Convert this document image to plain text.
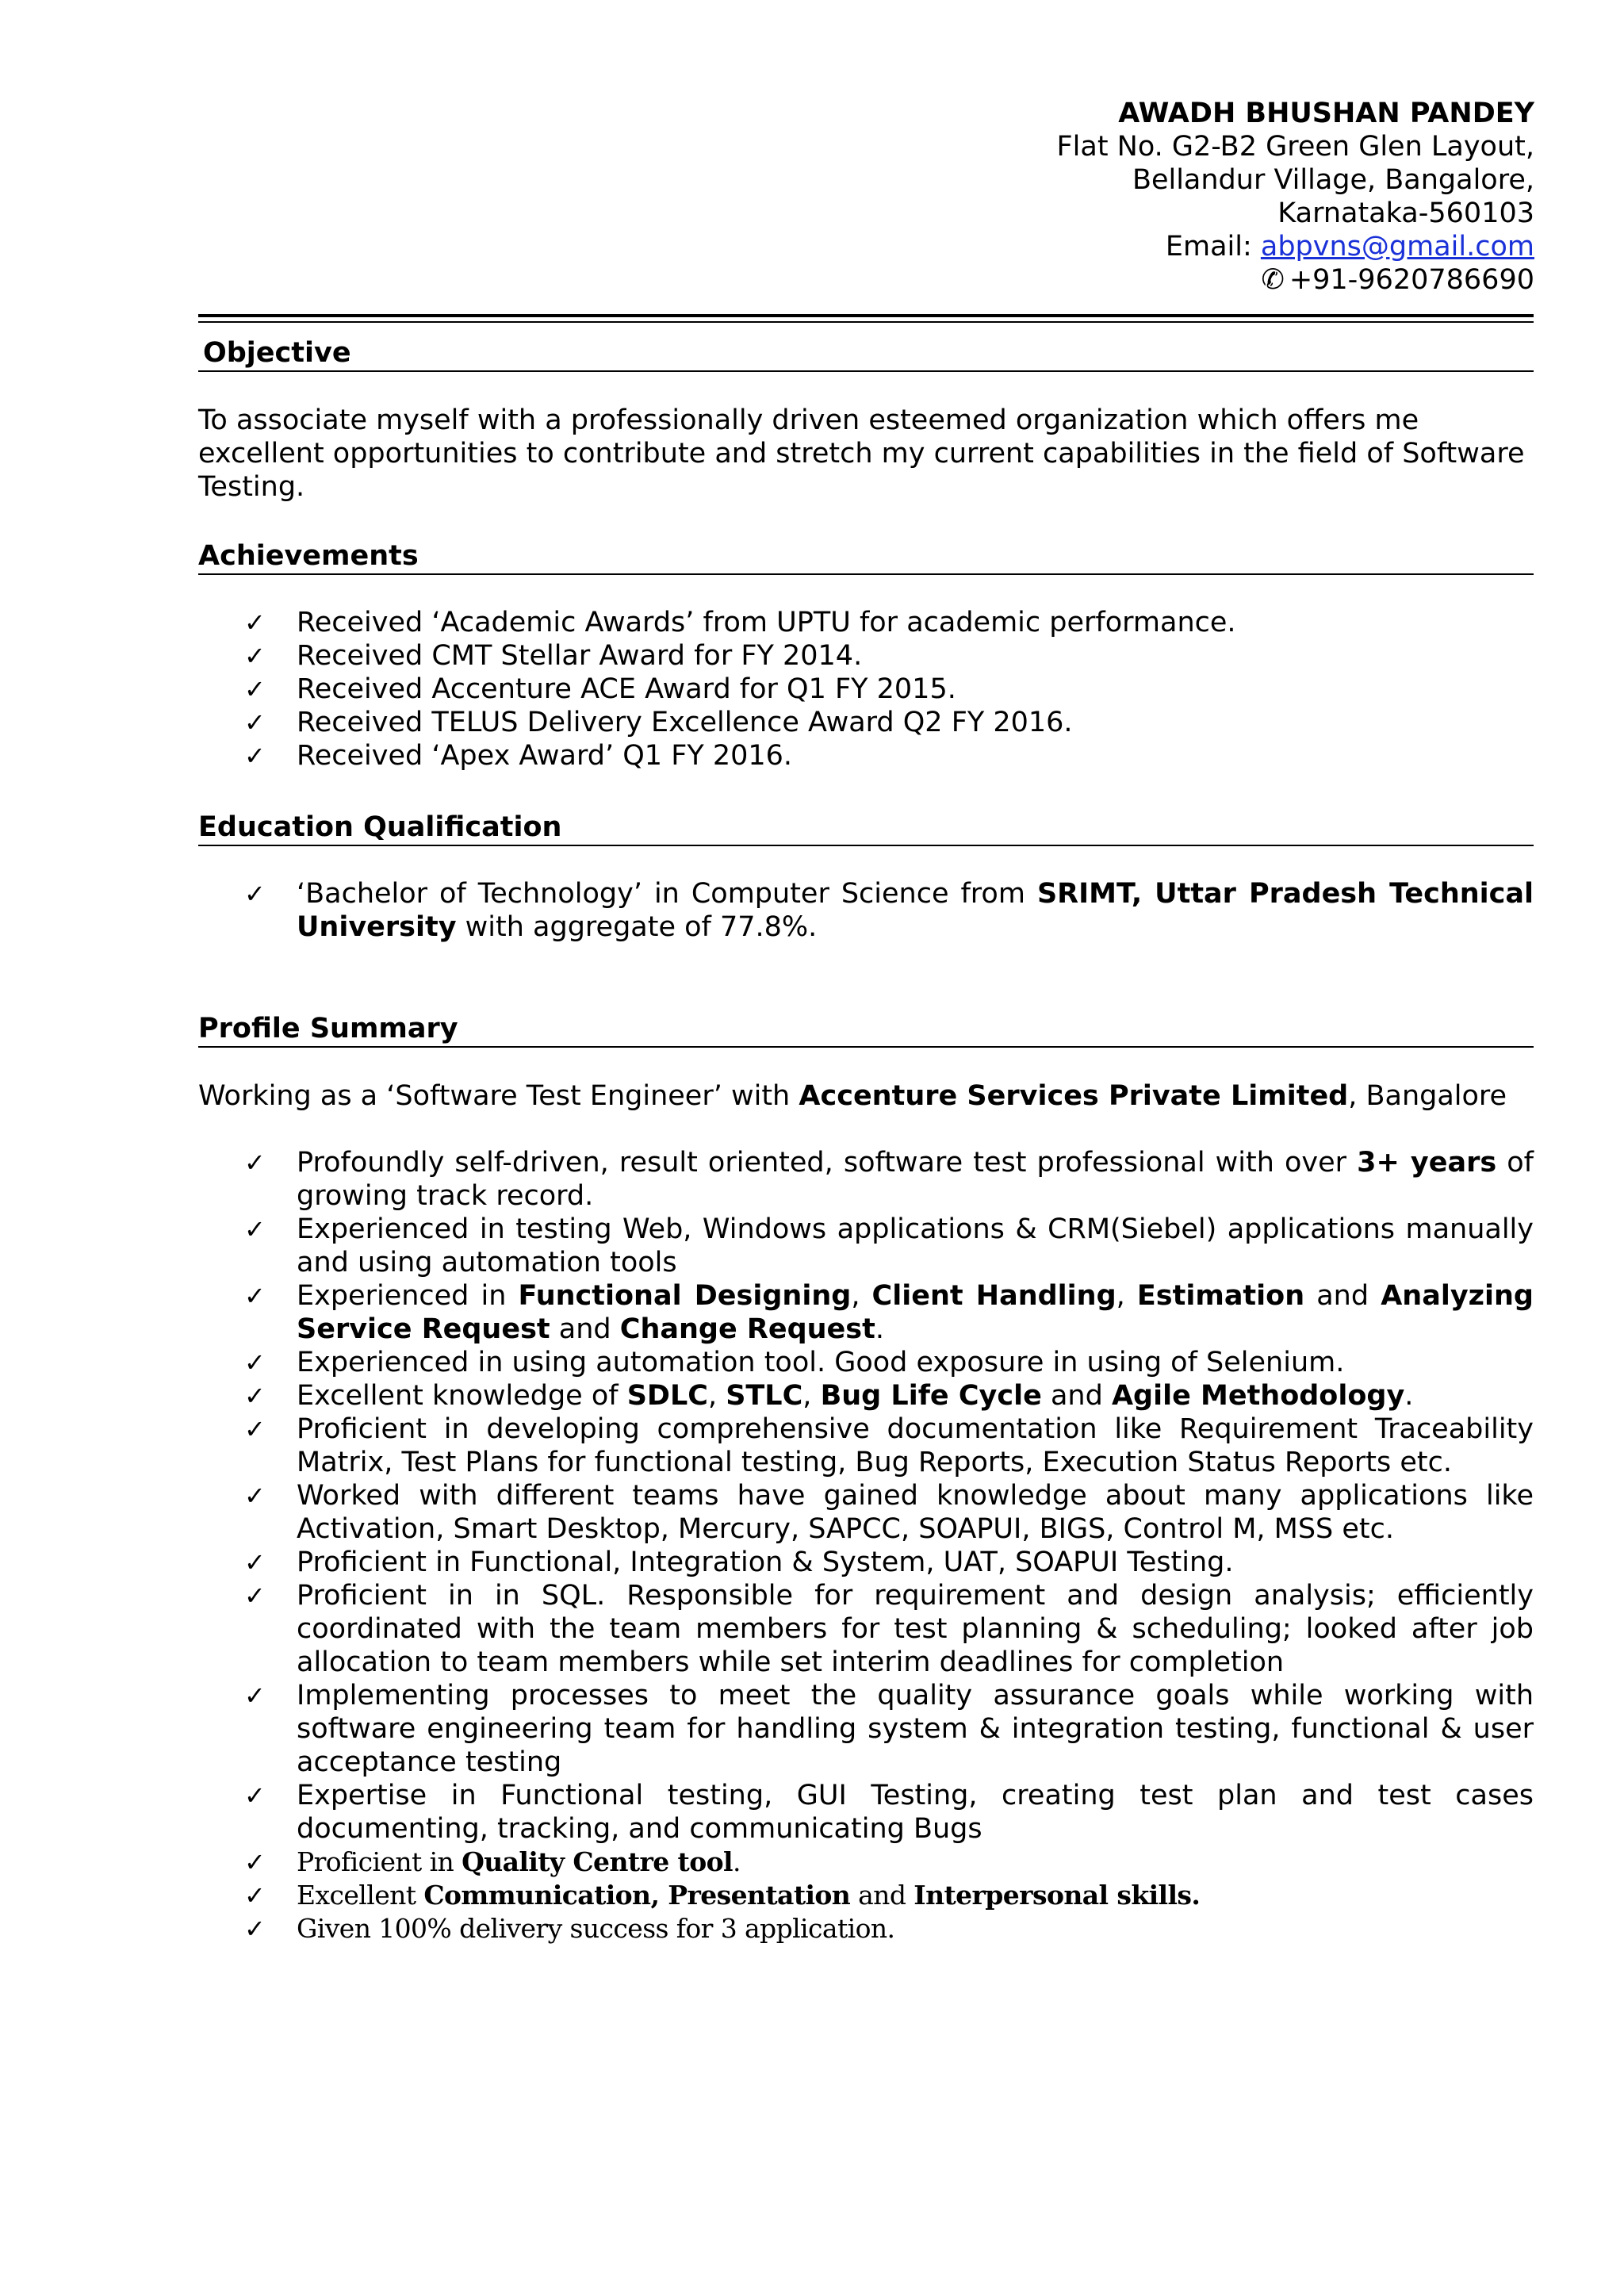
AWADH BHUSHAN PANDEY
Flat No. G2-B2 Green Glen Layout,
Bellandur Village, Bangalore,
Karnataka-560103
Email: abpvns@gmail.com
✆ +91-9620786690
Objective

To associate myself with a professionally driven esteemed organization which offers me excellent opportunities to contribute and stretch my current capabilities in the field of Software Testing.

Achievements
✓ Received ‘Academic Awards’ from UPTU for academic performance.
✓ Received CMT Stellar Award for FY 2014.
✓ Received Accenture ACE Award for Q1 FY 2015.
✓ Received TELUS Delivery Excellence Award Q2 FY 2016.
✓ Received ‘Apex Award’ Q1 FY 2016.
Education Qualification
✓ ‘Bachelor of Technology’ in Computer Science from SRIMT, Uttar Pradesh Technical University with aggregate of 77.8%.
Profile Summary

Working as a ‘Software Test Engineer’ with Accenture Services Private Limited, Bangalore

✓ Profoundly self-driven, result oriented, software test professional with over 3+ years of growing track record.
✓ Experienced in testing Web, Windows applications & CRM(Siebel) applications manually and using automation tools
✓ Experienced in Functional Designing, Client Handling, Estimation and Analyzing Service Request and Change Request.
✓ Experienced in using automation tool. Good exposure in using of Selenium.
✓ Excellent knowledge of SDLC, STLC, Bug Life Cycle and Agile Methodology.
✓ Proficient in developing comprehensive documentation like Requirement Traceability Matrix, Test Plans for functional testing, Bug Reports, Execution Status Reports etc.
✓ Worked with different teams have gained knowledge about many applications like Activation, Smart Desktop, Mercury, SAPCC, SOAPUI, BIGS, Control M, MSS etc.
✓ Proficient in Functional, Integration & System, UAT, SOAPUI Testing.
✓ Proficient in in SQL. Responsible for requirement and design analysis; efficiently coordinated with the team members for test planning & scheduling; looked after job allocation to team members while set interim deadlines for completion
✓ Implementing processes to meet the quality assurance goals while working with software engineering team for handling system & integration testing, functional & user acceptance testing
✓ Expertise in Functional testing, GUI Testing, creating test plan and test cases documenting, tracking, and communicating Bugs
✓ Proficient in Quality Centre tool.
✓ Excellent Communication, Presentation and Interpersonal skills.
✓ Given 100% delivery success for 3 application.
